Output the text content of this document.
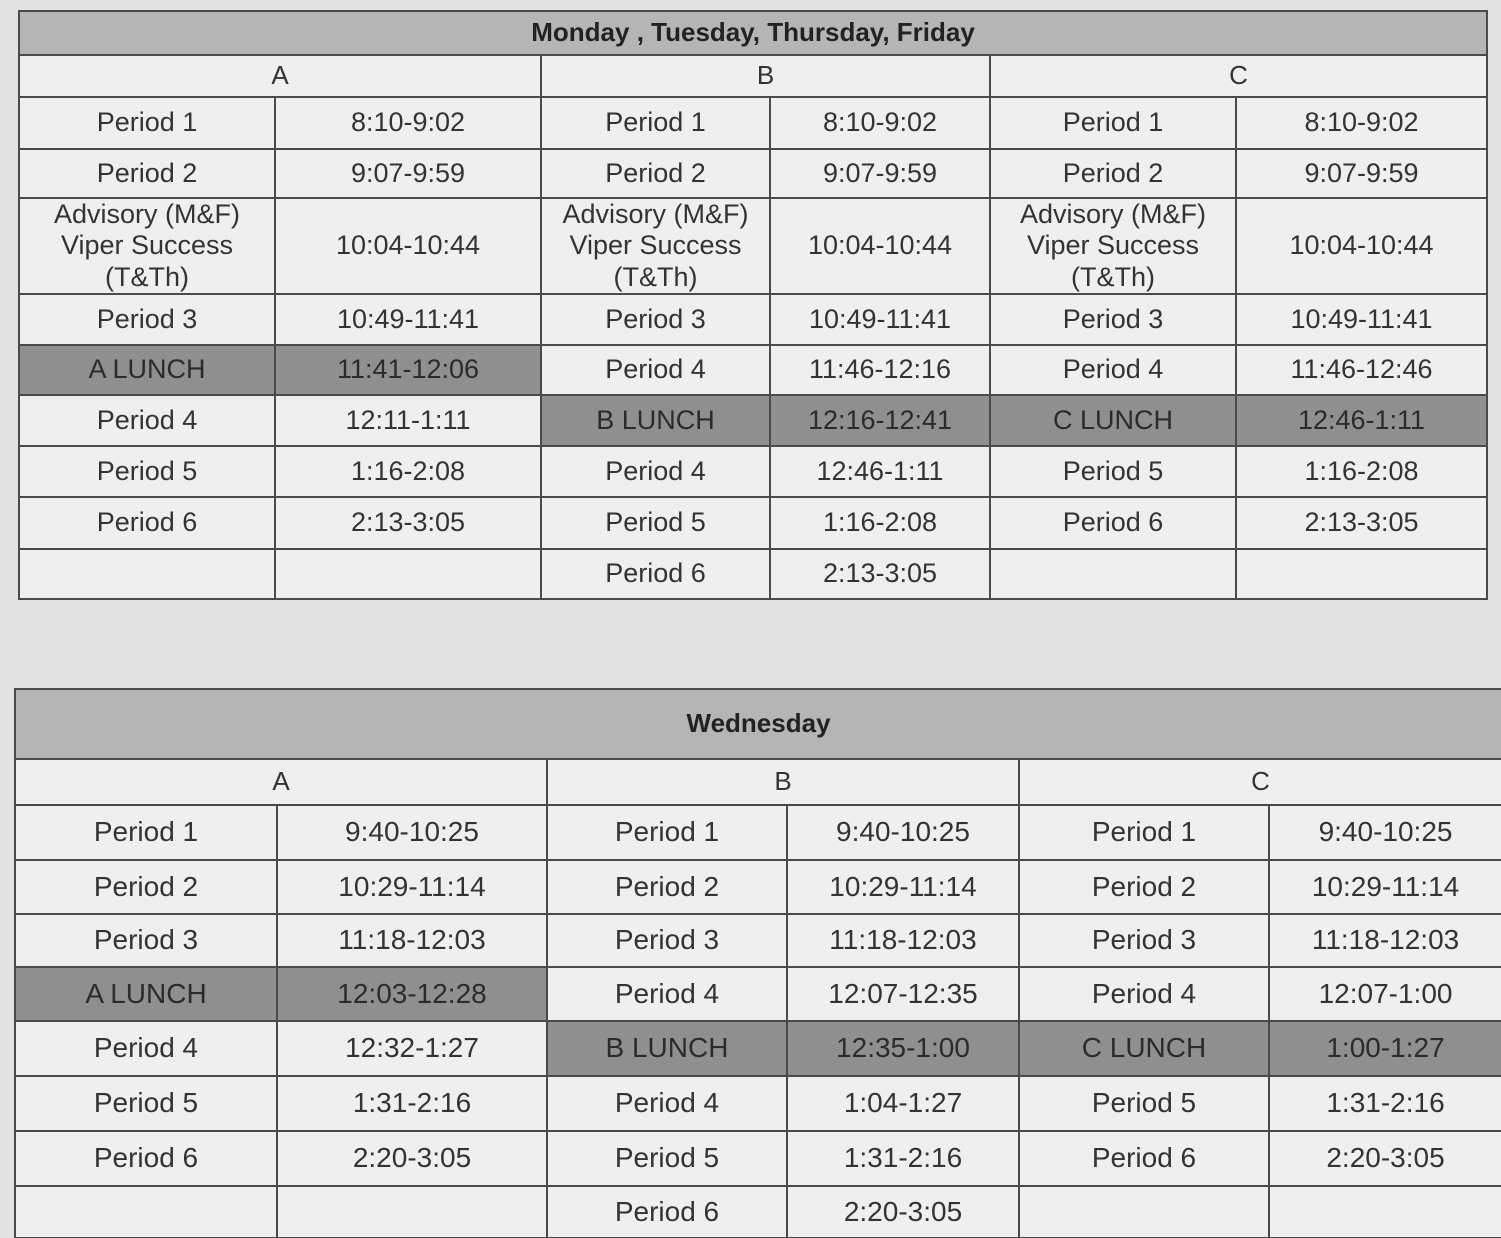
Monday , Tuesday, Thursday, Friday					
A		B		C	
Period 1	8:10-9:02	Period 1	8:10-9:02	Period 1	8:10-9:02
Period 2	9:07-9:59	Period 2	9:07-9:59	Period 2	9:07-9:59
Advisory (M&F)
Viper Success
(T&Th)	10:04-10:44	Advisory (M&F)
Viper Success
(T&Th)	10:04-10:44	Advisory (M&F)
Viper Success
(T&Th)	10:04-10:44
Period 3	10:49-11:41	Period 3	10:49-11:41	Period 3	10:49-11:41
A LUNCH	11:41-12:06	Period 4	11:46-12:16	Period 4	11:46-12:46
Period 4	12:11-1:11	B LUNCH	12:16-12:41	C LUNCH	12:46-1:11
Period 5	1:16-2:08	Period 4	12:46-1:11	Period 5	1:16-2:08
Period 6	2:13-3:05	Period 5	1:16-2:08	Period 6	2:13-3:05
		Period 6	2:13-3:05		
Wednesday					
A		B		C	
Period 1	9:40-10:25	Period 1	9:40-10:25	Period 1	9:40-10:25
Period 2	10:29-11:14	Period 2	10:29-11:14	Period 2	10:29-11:14
Period 3	11:18-12:03	Period 3	11:18-12:03	Period 3	11:18-12:03
A LUNCH	12:03-12:28	Period 4	12:07-12:35	Period 4	12:07-1:00
Period 4	12:32-1:27	B LUNCH	12:35-1:00	C LUNCH	1:00-1:27
Period 5	1:31-2:16	Period 4	1:04-1:27	Period 5	1:31-2:16
Period 6	2:20-3:05	Period 5	1:31-2:16	Period 6	2:20-3:05
		Period 6	2:20-3:05		
